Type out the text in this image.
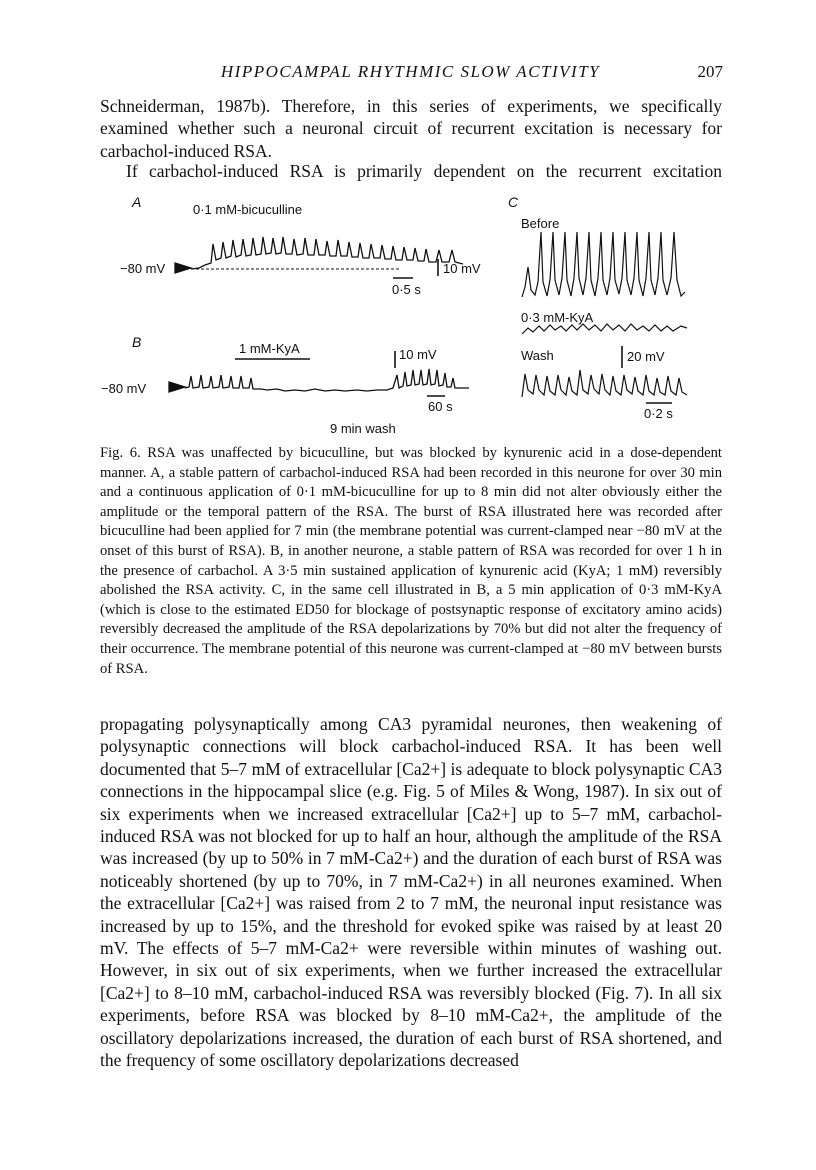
HIPPOCAMPAL RHYTHMIC SLOW ACTIVITY	207

Schneiderman, 1987b). Therefore, in this series of experiments, we specifically examined whether such a neuronal circuit of recurrent excitation is necessary for carbachol-induced RSA.

If carbachol-induced RSA is primarily dependent on the recurrent excitation

A	0·1 mM-bicuculline
−80 mV	10 mV
0·5 s
B	1 mM-KyA
−80 mV
10 mV
60 s
9 min wash
C
Before
0·3 mM-KyA
Wash	20 mV
0·2 s

Fig. 6. RSA was unaffected by bicuculline, but was blocked by kynurenic acid in a dose-dependent manner. A, a stable pattern of carbachol-induced RSA had been recorded in this neurone for over 30 min and a continuous application of 0·1 mM-bicuculline for up to 8 min did not alter obviously either the amplitude or the temporal pattern of the RSA. The burst of RSA illustrated here was recorded after bicuculline had been applied for 7 min (the membrane potential was current-clamped near −80 mV at the onset of this burst of RSA). B, in another neurone, a stable pattern of RSA was recorded for over 1 h in the presence of carbachol. A 3·5 min sustained application of kynurenic acid (KyA; 1 mM) reversibly abolished the RSA activity. C, in the same cell illustrated in B, a 5 min application of 0·3 mM-KyA (which is close to the estimated ED50 for blockage of postsynaptic response of excitatory amino acids) reversibly decreased the amplitude of the RSA depolarizations by 70% but did not alter the frequency of their occurrence. The membrane potential of this neurone was current-clamped at −80 mV between bursts of RSA.

propagating polysynaptically among CA3 pyramidal neurones, then weakening of polysynaptic connections will block carbachol-induced RSA. It has been well documented that 5–7 mM of extracellular [Ca2+] is adequate to block polysynaptic CA3 connections in the hippocampal slice (e.g. Fig. 5 of Miles & Wong, 1987). In six out of six experiments when we increased extracellular [Ca2+] up to 5–7 mM, carbachol-induced RSA was not blocked for up to half an hour, although the amplitude of the RSA was increased (by up to 50% in 7 mM-Ca2+) and the duration of each burst of RSA was noticeably shortened (by up to 70%, in 7 mM-Ca2+) in all neurones examined. When the extracellular [Ca2+] was raised from 2 to 7 mM, the neuronal input resistance was increased by up to 15%, and the threshold for evoked spike was raised by at least 20 mV. The effects of 5–7 mM-Ca2+ were reversible within minutes of washing out. However, in six out of six experiments, when we further increased the extracellular [Ca2+] to 8–10 mM, carbachol-induced RSA was reversibly blocked (Fig. 7). In all six experiments, before RSA was blocked by 8–10 mM-Ca2+, the amplitude of the oscillatory depolarizations increased, the duration of each burst of RSA shortened, and the frequency of some oscillatory depolarizations decreased
